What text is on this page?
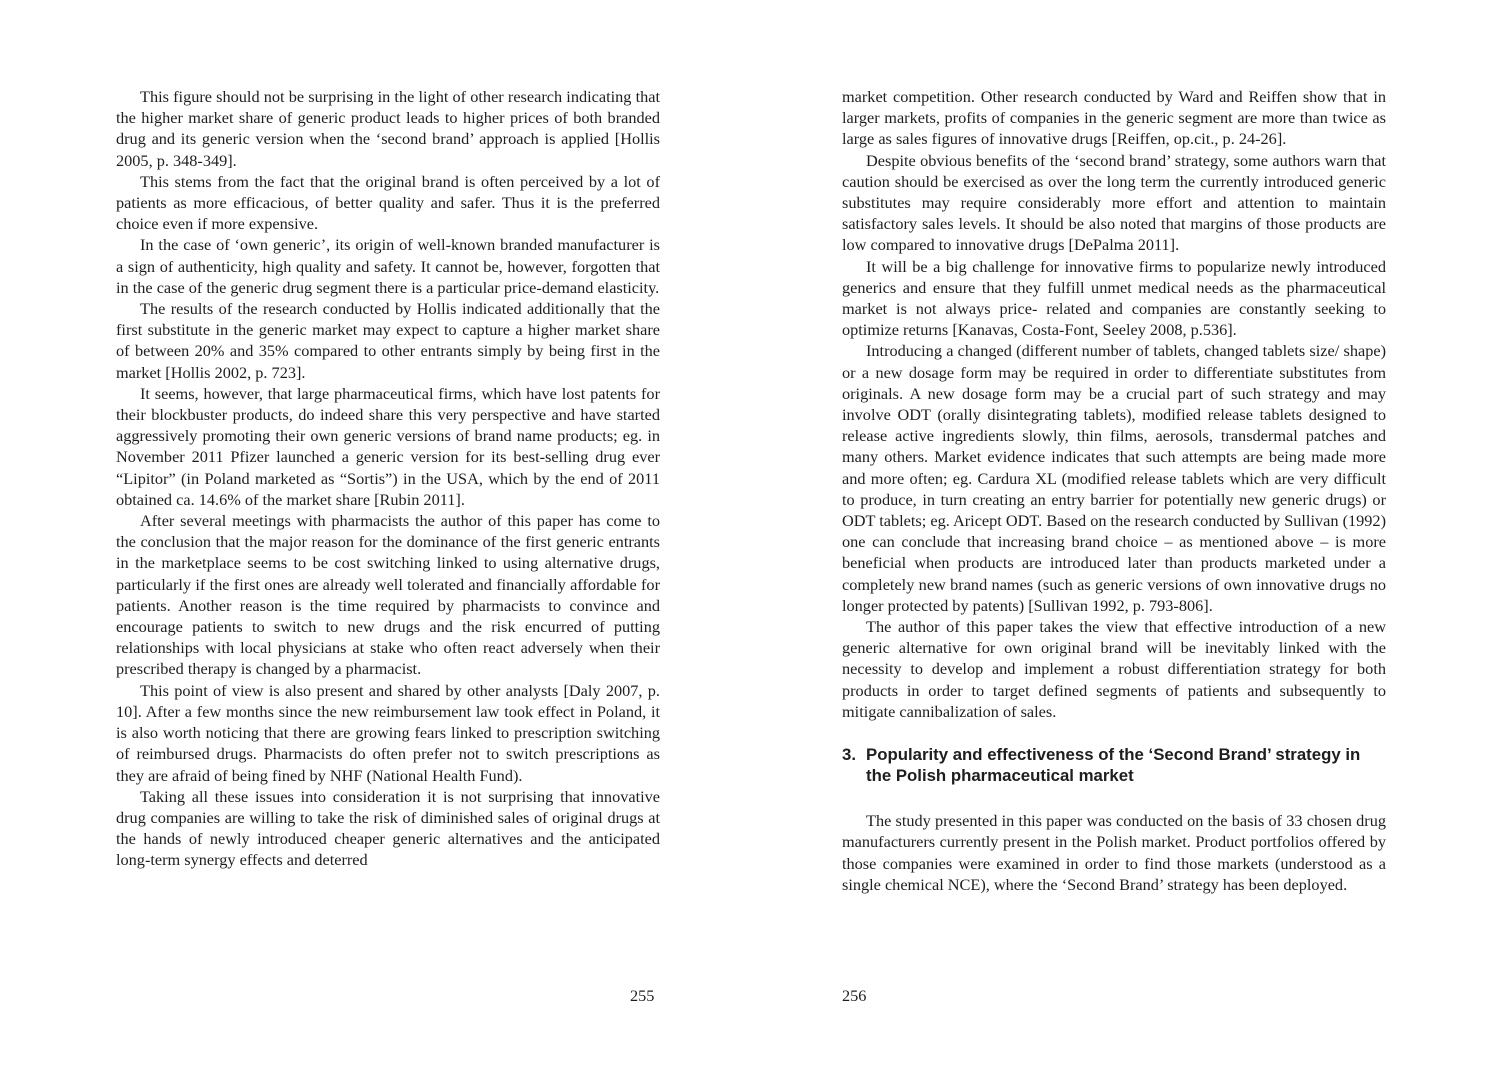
This figure should not be surprising in the light of other research indicating that the higher market share of generic product leads to higher prices of both branded drug and its generic version when the ‘second brand’ approach is applied [Hollis 2005, p. 348-349].

This stems from the fact that the original brand is often perceived by a lot of patients as more efficacious, of better quality and safer. Thus it is the preferred choice even if more expensive.

In the case of ‘own generic’, its origin of well-known branded manufacturer is a sign of authenticity, high quality and safety. It cannot be, however, forgotten that in the case of the generic drug segment there is a particular price-demand elasticity.

The results of the research conducted by Hollis indicated additionally that the first substitute in the generic market may expect to capture a higher market share of between 20% and 35% compared to other entrants simply by being first in the market [Hollis 2002, p. 723].

It seems, however, that large pharmaceutical firms, which have lost patents for their blockbuster products, do indeed share this very perspective and have started aggressively promoting their own generic versions of brand name products; eg. in November 2011 Pfizer launched a generic version for its best-selling drug ever “Lipitor” (in Poland marketed as “Sortis”) in the USA, which by the end of 2011 obtained ca. 14.6% of the market share [Rubin 2011].

After several meetings with pharmacists the author of this paper has come to the conclusion that the major reason for the dominance of the first generic entrants in the marketplace seems to be cost switching linked to using alternative drugs, particularly if the first ones are already well tolerated and financially affordable for patients. Another reason is the time required by pharmacists to convince and encourage patients to switch to new drugs and the risk encurred of putting relationships with local physicians at stake who often react adversely when their prescribed therapy is changed by a pharmacist.

This point of view is also present and shared by other analysts [Daly 2007, p. 10]. After a few months since the new reimbursement law took effect in Poland, it is also worth noticing that there are growing fears linked to prescription switching of reimbursed drugs. Pharmacists do often prefer not to switch prescriptions as they are afraid of being fined by NHF (National Health Fund).

Taking all these issues into consideration it is not surprising that innovative drug companies are willing to take the risk of diminished sales of original drugs at the hands of newly introduced cheaper generic alternatives and the anticipated long-term synergy effects and deterred

market competition. Other research conducted by Ward and Reiffen show that in larger markets, profits of companies in the generic segment are more than twice as large as sales figures of innovative drugs [Reiffen, op.cit., p. 24-26].

Despite obvious benefits of the ‘second brand’ strategy, some authors warn that caution should be exercised as over the long term the currently introduced generic substitutes may require considerably more effort and attention to maintain satisfactory sales levels. It should be also noted that margins of those products are low compared to innovative drugs [DePalma 2011].

It will be a big challenge for innovative firms to popularize newly introduced generics and ensure that they fulfill unmet medical needs as the pharmaceutical market is not always price- related and companies are constantly seeking to optimize returns [Kanavas, Costa-Font, Seeley 2008, p.536].

Introducing a changed (different number of tablets, changed tablets size/ shape) or a new dosage form may be required in order to differentiate substitutes from originals. A new dosage form may be a crucial part of such strategy and may involve ODT (orally disintegrating tablets), modified release tablets designed to release active ingredients slowly, thin films, aerosols, transdermal patches and many others. Market evidence indicates that such attempts are being made more and more often; eg. Cardura XL (modified release tablets which are very difficult to produce, in turn creating an entry barrier for potentially new generic drugs) or ODT tablets; eg. Aricept ODT. Based on the research conducted by Sullivan (1992) one can conclude that increasing brand choice – as mentioned above – is more beneficial when products are introduced later than products marketed under a completely new brand names (such as generic versions of own innovative drugs no longer protected by patents) [Sullivan 1992, p. 793-806].

The author of this paper takes the view that effective introduction of a new generic alternative for own original brand will be inevitably linked with the necessity to develop and implement a robust differentiation strategy for both products in order to target defined segments of patients and subsequently to mitigate cannibalization of sales.

3. Popularity and effectiveness of the ‘Second Brand’ strategy in the Polish pharmaceutical market

The study presented in this paper was conducted on the basis of 33 chosen drug manufacturers currently present in the Polish market. Product portfolios offered by those companies were examined in order to find those markets (understood as a single chemical NCE), where the ‘Second Brand’ strategy has been deployed.

255	256
